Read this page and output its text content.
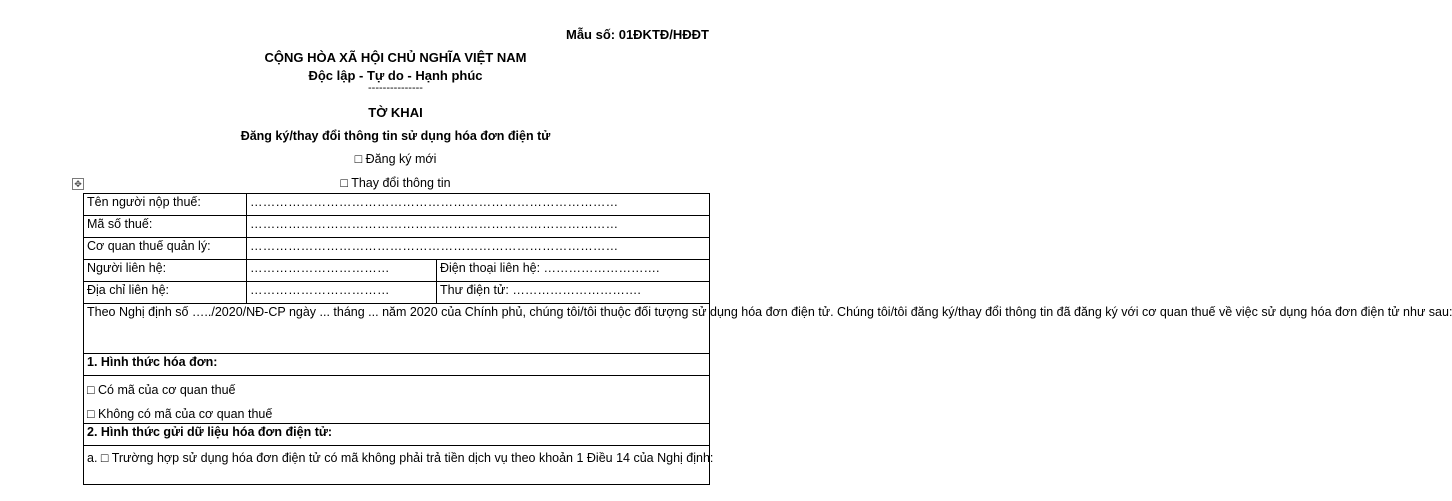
Mẫu số: 01ĐKTĐ/HĐĐT
CỘNG HÒA XÃ HỘI CHỦ NGHĨA VIỆT NAM
Độc lập - Tự do - Hạnh phúc
---------------
TỜ KHAI
Đăng ký/thay đổi thông tin sử dụng hóa đơn điện tử
□ Đăng ký mới
□ Thay đổi thông tin
✥
Tên người nộp thuế:	……………………………………………………………………………	
Mã số thuế:	……………………………………………………………………………	
Cơ quan thuế quản lý:	……………………………………………………………………………	
Người liên hệ:	……………………………	Điện thoại liên hệ: ……………………….
Địa chỉ liên hệ:	……………………………	Thư điện tử: ………………………….
Theo Nghị định số …../2020/NĐ-CP ngày ... tháng ... năm 2020 của Chính phủ, chúng tôi/tôi thuộc đối tượng sử dụng hóa đơn điện tử. Chúng tôi/tôi đăng ký/thay đổi thông tin đã đăng ký với cơ quan thuế về việc sử dụng hóa đơn điện tử như sau:		
1. Hình thức hóa đơn:		

□ Có mã của cơ quan thuế
□ Không có mã của cơ quan thuế		

2. Hình thức gửi dữ liệu hóa đơn điện tử:		
a. □ Trường hợp sử dụng hóa đơn điện tử có mã không phải trả tiền dịch vụ theo khoản 1 Điều 14 của Nghị định:		
